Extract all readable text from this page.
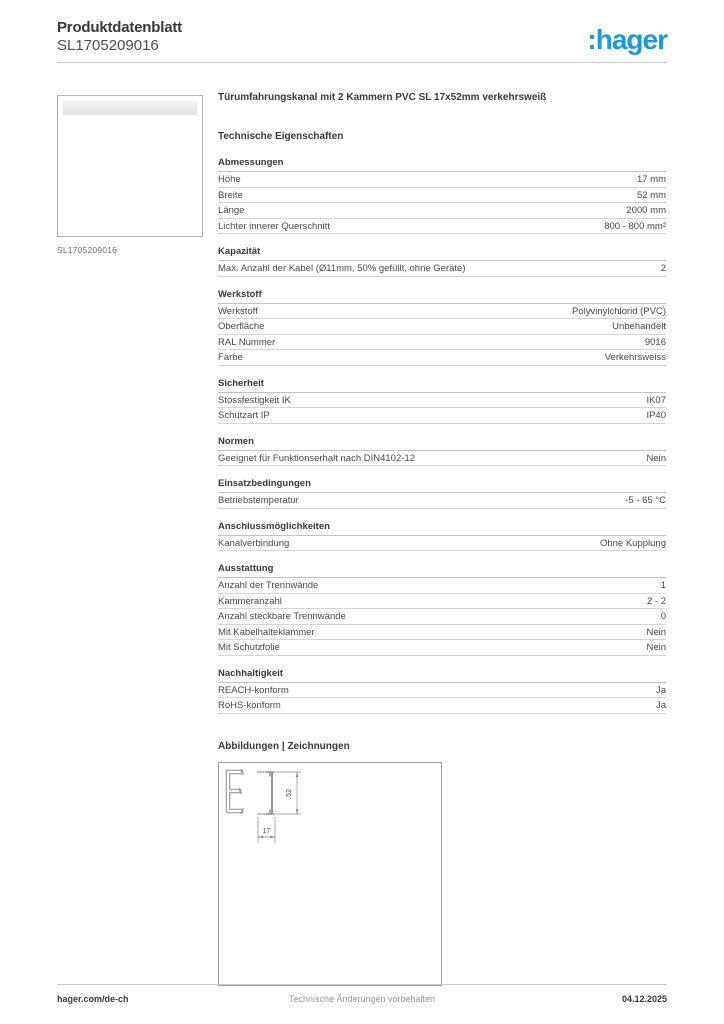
Produktdatenblatt
SL1705209016	:hager
SL1705209016
Türumfahrungskanal mit 2 Kammern PVC SL 17x52mm verkehrsweiß
Technische Eigenschaften
Abmessungen
Höhe	17 mm
Breite	52 mm
Länge	2000 mm
Lichter innerer Querschnitt	800 - 800 mm²
Kapazität
Max. Anzahl der Kabel (Ø11mm, 50% gefüllt, ohne Geräte)	2
Werkstoff
Werkstoff	Polyvinylchlorid (PVC)
Oberfläche	Unbehandelt
RAL Nummer	9016
Farbe	Verkehrsweiss
Sicherheit
Stossfestigkeit IK	IK07
Schutzart IP	IP40
Normen
Geeignet für Funktionserhalt nach DIN4102-12	Nein
Einsatzbedingungen
Betriebstemperatur	-5 - 65 °C
Anschlussmöglichkeiten
Kanalverbindung	Ohne Kupplung
Ausstattung
Anzahl der Trennwände	1
Kammeranzahl	2 - 2
Anzahl steckbare Trennwände	0
Mit Kabelhalteklammer	Nein
Mit Schutzfolie	Nein
Nachhaltigkeit
REACH-konform	Ja
RoHS-konform	Ja
Abbildungen | Zeichnungen
17
52
hager.com/de-ch	Technische Änderungen vorbehalten	04.12.2025
